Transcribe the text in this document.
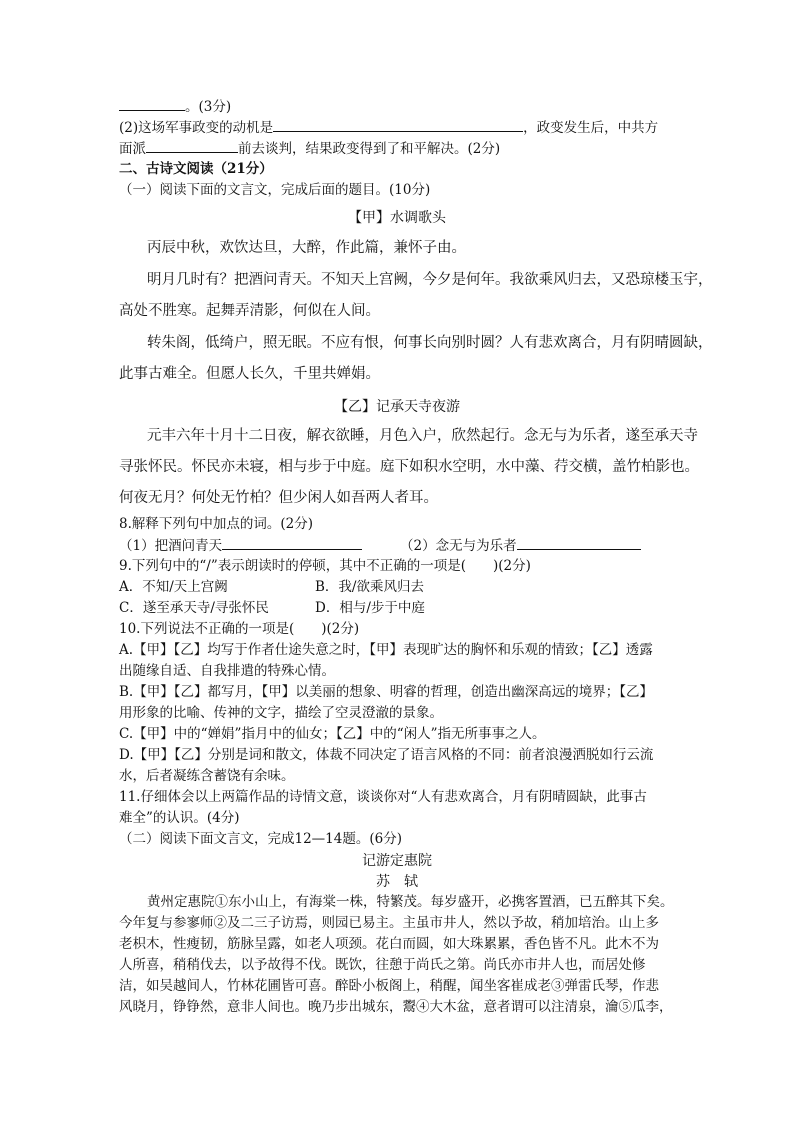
。(3分)
(2)这场军事政变的动机是	，政变发生后，中共方
面派	前去谈判，结果政变得到了和平解决。(2分)
二、古诗文阅读（21分）
（一）阅读下面的文言文，完成后面的题目。(10分)
【甲】水调歌头
丙辰中秋，欢饮达旦，大醉，作此篇，兼怀子由。
明月几时有？把酒问青天。不知天上宫阙，今夕是何年。我欲乘风归去，又恐琼楼玉宇，
高处不胜寒。起舞弄清影，何似在人间。
转朱阁，低绮户，照无眠。不应有恨，何事长向别时圆？人有悲欢离合，月有阴晴圆缺，
此事古难全。但愿人长久，千里共婵娟。
【乙】记承天寺夜游
元丰六年十月十二日夜，解衣欲睡，月色入户，欣然起行。念无与为乐者，遂至承天寺
寻张怀民。怀民亦未寝，相与步于中庭。庭下如积水空明，水中藻、荇交横，盖竹柏影也。
何夜无月？何处无竹柏？但少闲人如吾两人者耳。
8.解释下列句中加点的词。(2分)
（1）把酒问青天	（2）念无与为乐者
9.下列句中的“/”表示朗读时的停顿，其中不正确的一项是(　　)(2分)
A．不知/天上宫阙	B．我/欲乘风归去
C．遂至承天寺/寻张怀民	D．相与/步于中庭
10.下列说法不正确的一项是(　　)(2分)
A.【甲】【乙】均写于作者仕途失意之时，【甲】表现旷达的胸怀和乐观的情致；【乙】透露
出随缘自适、自我排遣的特殊心情。
B.【甲】【乙】都写月，【甲】以美丽的想象、明睿的哲理，创造出幽深高远的境界；【乙】
用形象的比喻、传神的文字，描绘了空灵澄澈的景象。
C.【甲】中的“婵娟”指月中的仙女；【乙】中的“闲人”指无所事事之人。
D.【甲】【乙】分别是词和散文，体裁不同决定了语言风格的不同：前者浪漫洒脱如行云流
水，后者凝练含蓄饶有余味。
11.仔细体会以上两篇作品的诗情文意，谈谈你对“人有悲欢离合，月有阴晴圆缺，此事古
难全”的认识。(4分)
（二）阅读下面文言文，完成12—14题。(6分)
记游定惠院
苏　轼
黄州定惠院①东小山上，有海棠一株，特繁茂。每岁盛开，必携客置酒，已五醉其下矣。
今年复与参寥师②及二三子访焉，则园已易主。主虽市井人，然以予故，稍加培治。山上多
老枳木，性瘦韧，筋脉呈露，如老人项颈。花白而圆，如大珠累累，香色皆不凡。此木不为
人所喜，稍稍伐去，以予故得不伐。既饮，往憩于尚氏之第。尚氏亦市井人也，而居处修
洁，如吴越间人，竹林花圃皆可喜。醉卧小板阁上，稍醒，闻坐客崔成老③弹雷氏琴，作悲
风晓月，铮铮然，意非人间也。晚乃步出城东，鬻④大木盆，意者谓可以注清泉，瀹⑤瓜李，
